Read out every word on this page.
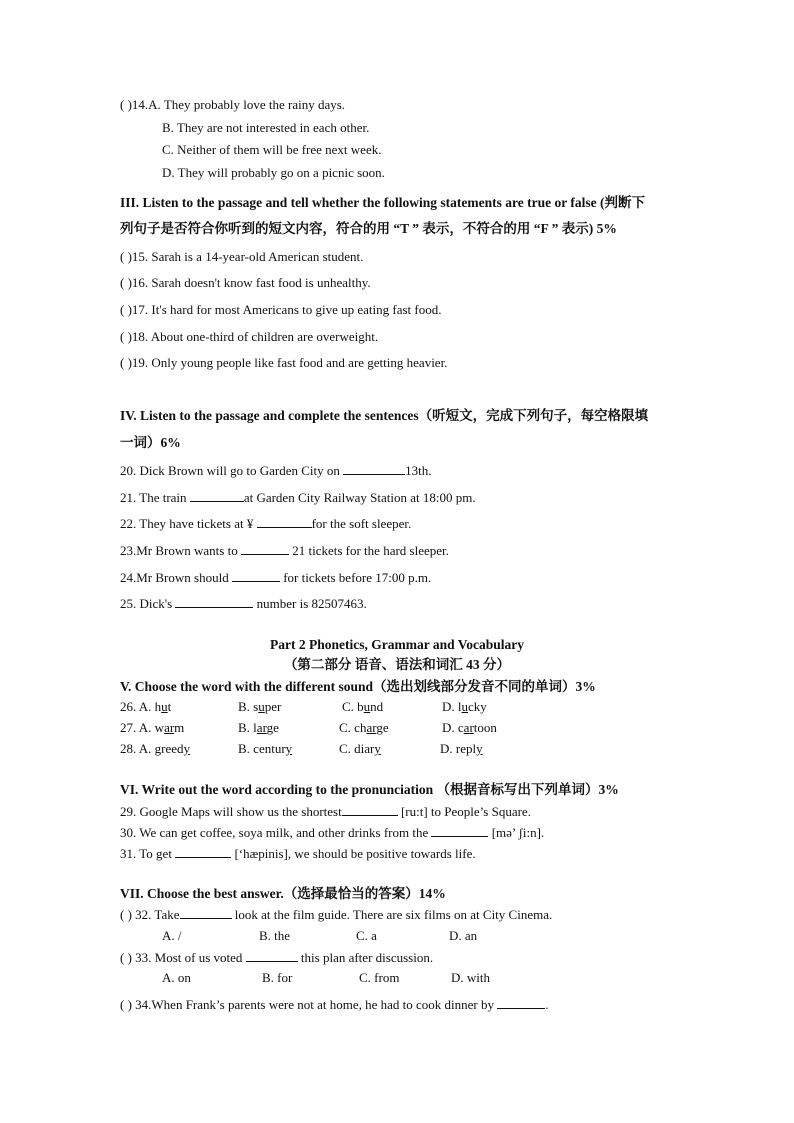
( )14.A. They probably love the rainy days.
B. They are not interested in each other.
C. Neither of them will be free next week.
D. They will probably go on a picnic soon.
III. Listen to the passage and tell whether the following statements are true or false (判断下
列句子是否符合你听到的短文内容，符合的用 “T ” 表示，不符合的用 “F ” 表示) 5%
( )15. Sarah is a 14-year-old American student.
( )16. Sarah doesn't know fast food is unhealthy.
( )17. It's hard for most Americans to give up eating fast food.
( )18. About one-third of children are overweight.
( )19. Only young people like fast food and are getting heavier.
IV. Listen to the passage and complete the sentences（听短文，完成下列句子，每空格限填
一词）6%
20. Dick Brown will go to Garden City on	13th.
21. The train	at Garden City Railway Station at 18:00 pm.
22. They have tickets at ¥	for the soft sleeper.
23.Mr Brown wants to	21 tickets for the hard sleeper.
24.Mr Brown should	for tickets before 17:00 p.m.
25. Dick's	number is 82507463.
Part 2 Phonetics, Grammar and Vocabulary
（第二部分 语音、语法和词汇 43 分）
V. Choose the word with the different sound（选出划线部分发音不同的单词）3%
26. A. hut	B. super	C. bund	D. lucky
27. A. warm	B. large	C. charge	D. cartoon
28. A. greedy	B. century	C. diary	D. reply
VI. Write out the word according to the pronunciation （根据音标写出下列单词）3%
29. Google Maps will show us the shortest	[ru:t] to People’s Square.
30. We can get coffee, soya milk, and other drinks from the	[mə’ ʃi:n].
31. To get	[‘hæpinis], we should be positive towards life.
VII. Choose the best answer.（选择最恰当的答案）14%
( ) 32. Take	look at the film guide. There are six films on at City Cinema.
A. /	B. the	C. a	D. an
( ) 33. Most of us voted	this plan after discussion.
A. on	B. for	C. from	D. with
( ) 34.When Frank’s parents were not at home, he had to cook dinner by	.
